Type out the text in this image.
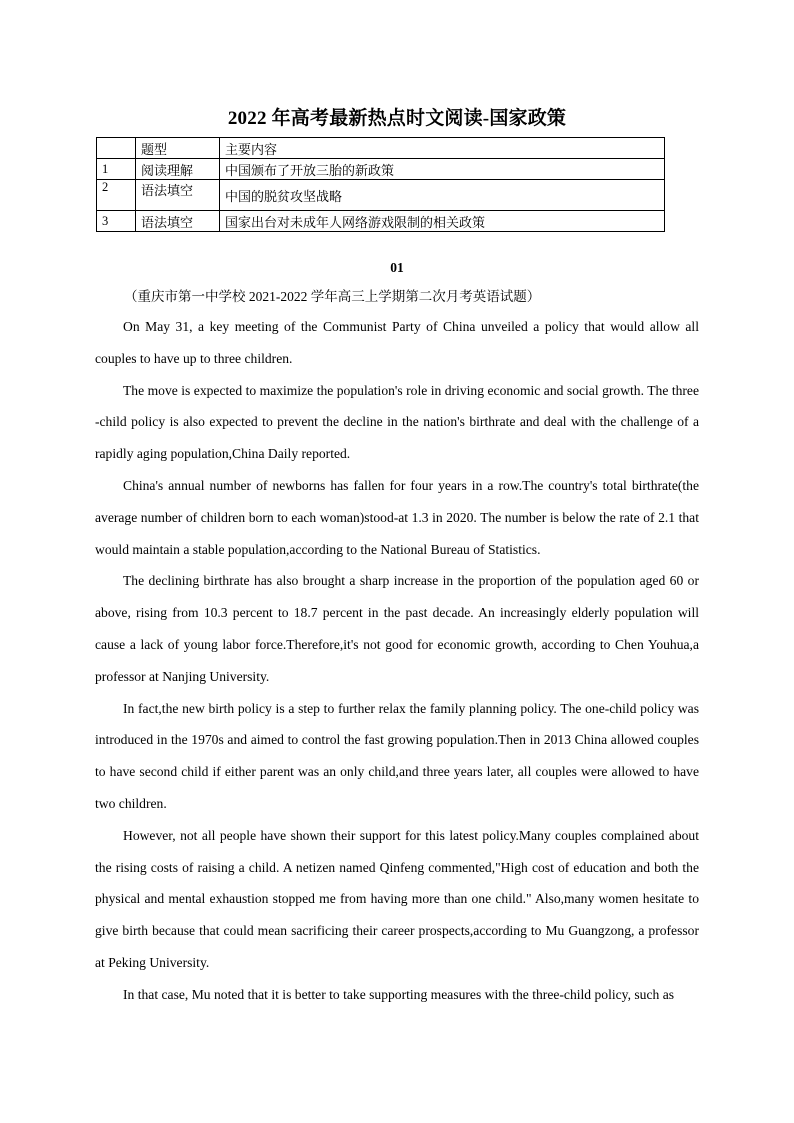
2022 年高考最新热点时文阅读-国家政策
	题型	主要内容
1	阅读理解	中国颁布了开放三胎的新政策
2	语法填空	中国的脱贫攻坚战略
3	语法填空	国家出台对未成年人网络游戏限制的相关政策
01
（重庆市第一中学校 2021-2022 学年高三上学期第二次月考英语试题）

On May 31, a key meeting of the Communist Party of China unveiled a policy that would allow all couples to have up to three children.

The move is expected to maximize the population's role in driving economic and social growth. The three -child policy is also expected to prevent the decline in the nation's birthrate and deal with the challenge of a rapidly aging population,China Daily reported.

China's annual number of newborns has fallen for four years in a row.The country's total birthrate(the average number of children born to each woman)stood-at 1.3 in 2020. The number is below the rate of 2.1 that would maintain a stable population,according to the National Bureau of Statistics.

The declining birthrate has also brought a sharp increase in the proportion of the population aged 60 or above, rising from 10.3 percent to 18.7 percent in the past decade. An increasingly elderly population will cause a lack of young labor force.Therefore,it's not good for economic growth, according to Chen Youhua,a professor at Nanjing University.

In fact,the new birth policy is a step to further relax the family planning policy. The one-child policy was introduced in the 1970s and aimed to control the fast growing population.Then in 2013 China allowed couples to have second child if either parent was an only child,and three years later, all couples were allowed to have two children.

However, not all people have shown their support for this latest policy.Many couples complained about the rising costs of raising a child. A netizen named Qinfeng commented,"High cost of education and both the physical and mental exhaustion stopped me from having more than one child." Also,many women hesitate to give birth because that could mean sacrificing their career prospects,according to Mu Guangzong, a professor at Peking University.

In that case, Mu noted that it is better to take supporting measures with the three-child policy, such as
